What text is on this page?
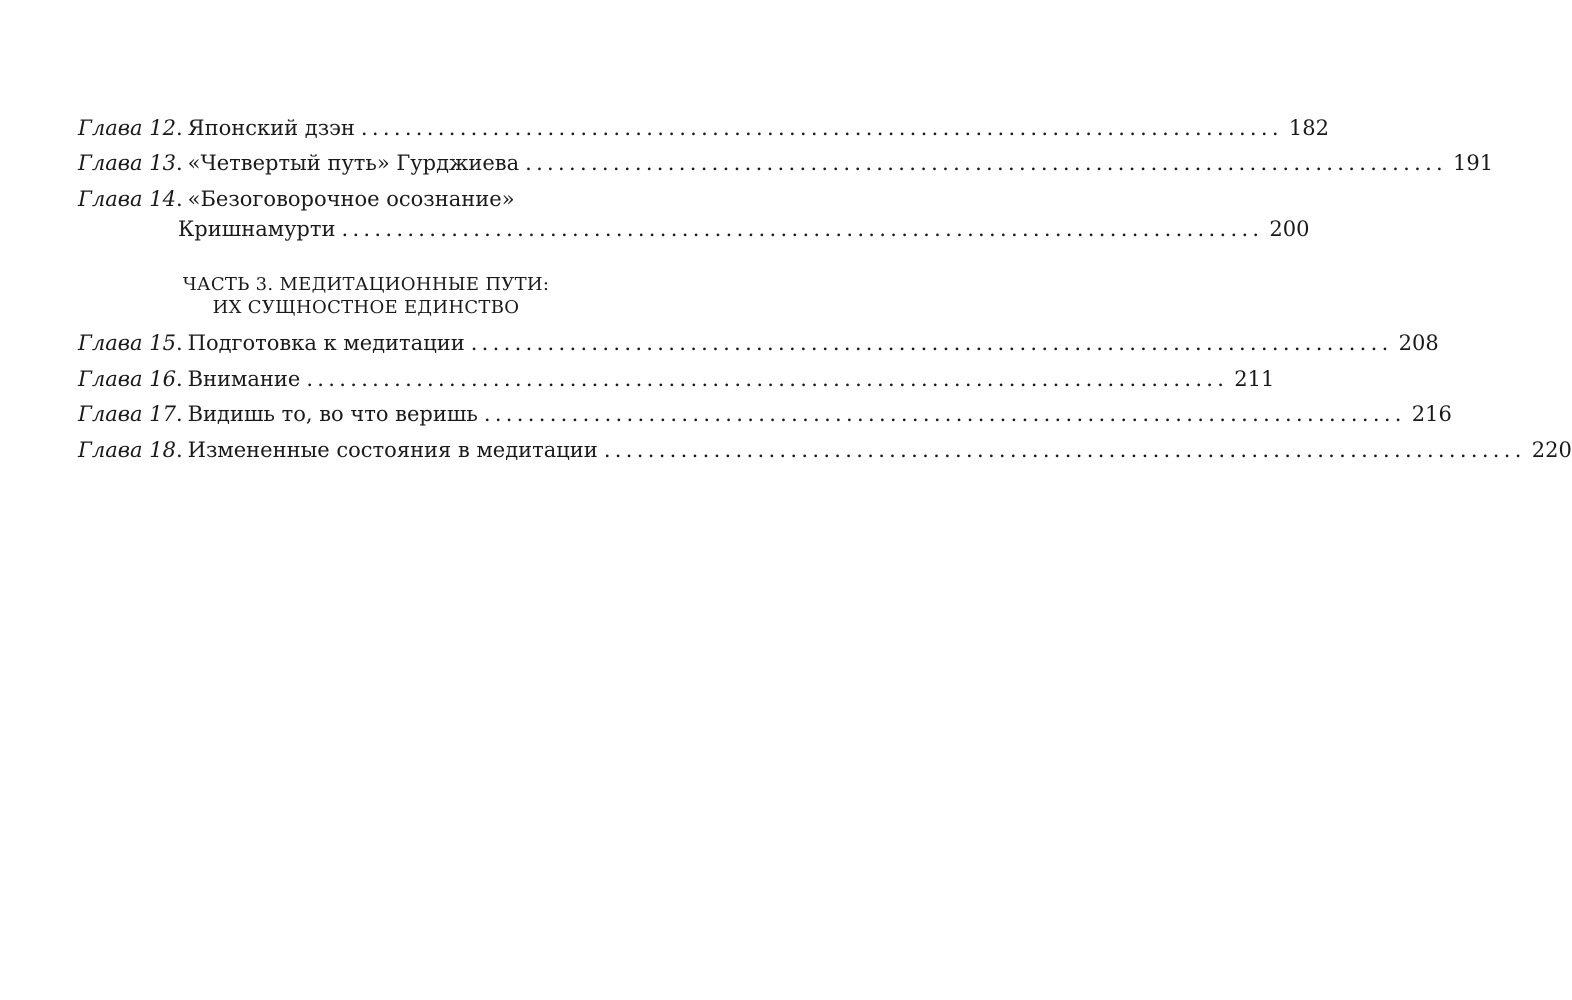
Глава 12 . Японский дзэн .................................................................................... 182
Глава 13 . «Четвертый путь» Гурджиева .................................................................................... 191
Глава 14 . «Безоговорочное осознание»
Кришнамурти .................................................................................... 200
ЧАСТЬ 3. МЕДИТАЦИОННЫЕ ПУТИ:
ИХ СУЩНОСТНОЕ ЕДИНСТВО
Глава 15 . Подготовка к медитации .................................................................................... 208
Глава 16 . Внимание .................................................................................... 211
Глава 17 . Видишь то, во что веришь .................................................................................... 216
Глава 18 . Измененные состояния в медитации .................................................................................... 220
